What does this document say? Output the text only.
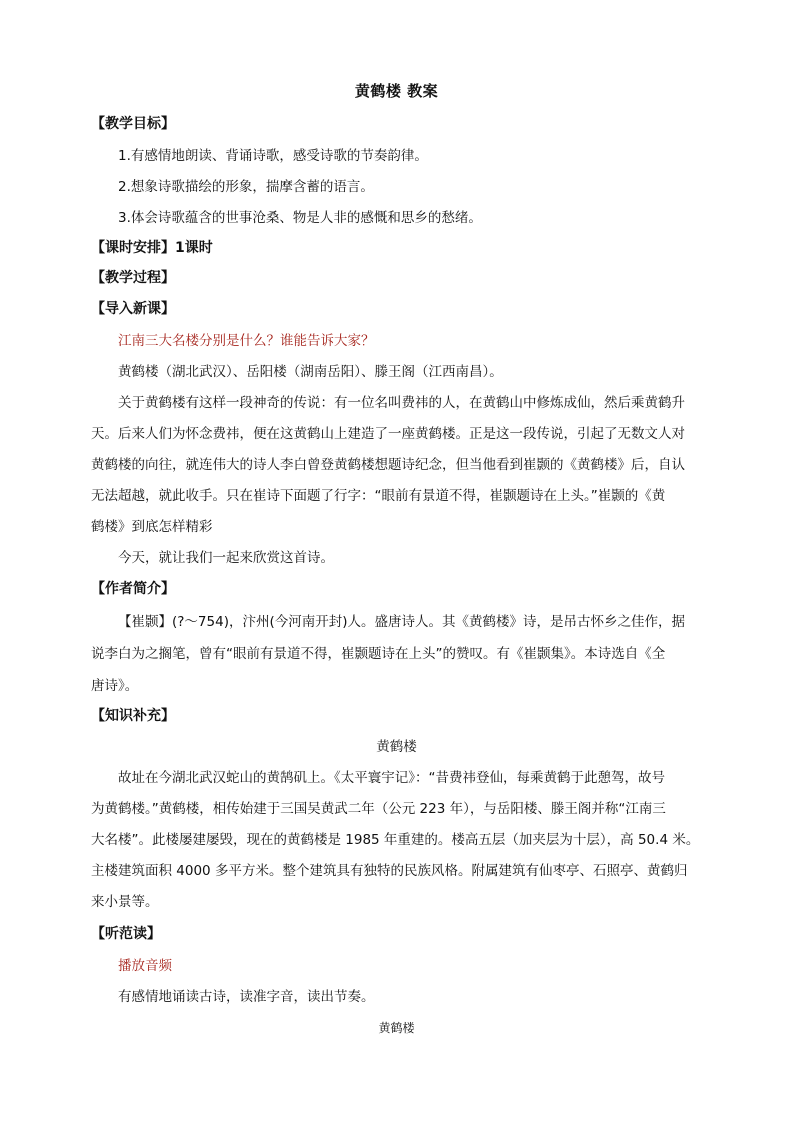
黄鹤楼 教案
【教学目标】
1.有感情地朗读、背诵诗歌，感受诗歌的节奏韵律。
2.想象诗歌描绘的形象，揣摩含蓄的语言。
3.体会诗歌蕴含的世事沧桑、物是人非的感慨和思乡的愁绪。
【课时安排】1课时
【教学过程】
【导入新课】
江南三大名楼分别是什么？谁能告诉大家？
黄鹤楼（湖北武汉）、岳阳楼（湖南岳阳）、滕王阁（江西南昌）。
关于黄鹤楼有这样一段神奇的传说：有一位名叫费祎的人，在黄鹤山中修炼成仙，然后乘黄鹤升
天。后来人们为怀念费祎，便在这黄鹤山上建造了一座黄鹤楼。正是这一段传说，引起了无数文人对
黄鹤楼的向往，就连伟大的诗人李白曾登黄鹤楼想题诗纪念，但当他看到崔颢的《黄鹤楼》后，自认
无法超越，就此收手。只在崔诗下面题了行字：“眼前有景道不得，崔颢题诗在上头。”崔颢的《黄
鹤楼》到底怎样精彩
今天，就让我们一起来欣赏这首诗。
【作者简介】
【崔颢】(?～754)，汴州(今河南开封)人。盛唐诗人。其《黄鹤楼》诗，是吊古怀乡之佳作，据
说李白为之搁笔，曾有“眼前有景道不得，崔颢题诗在上头”的赞叹。有《崔颢集》。本诗选自《全
唐诗》。
【知识补充】
黄鹤楼
故址在今湖北武汉蛇山的黄鹄矶上。《太平寰宇记》：“昔费祎登仙，每乘黄鹤于此憩驾，故号
为黄鹤楼。”黄鹤楼，相传始建于三国吴黄武二年（公元 223 年），与岳阳楼、滕王阁并称“江南三
大名楼”。此楼屡建屡毁，现在的黄鹤楼是 1985 年重建的。楼高五层（加夹层为十层），高 50.4 米。
主楼建筑面积 4000 多平方米。整个建筑具有独特的民族风格。附属建筑有仙枣亭、石照亭、黄鹤归
来小景等。
【听范读】
播放音频
有感情地诵读古诗，读准字音，读出节奏。
黄鹤楼
